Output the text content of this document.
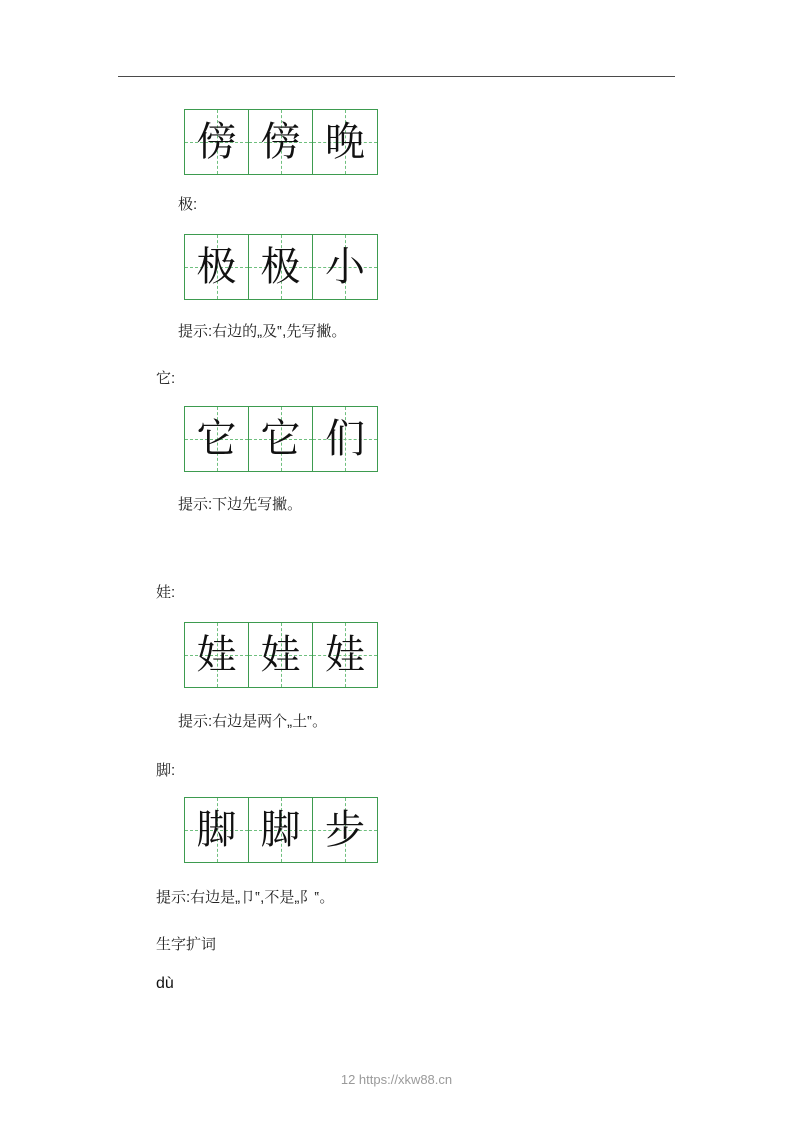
傍 傍 晚
极:
极 极 小
提示:右边的„及‟,先写撇。
它:
它 它 们
提示:下边先写撇。
娃:
娃 娃 娃
提示:右边是两个„土‟。
脚:
脚 脚 步
提示:右边是„卩‟,不是„阝‟。
生字扩词
dù
12 https://xkw88.cn
